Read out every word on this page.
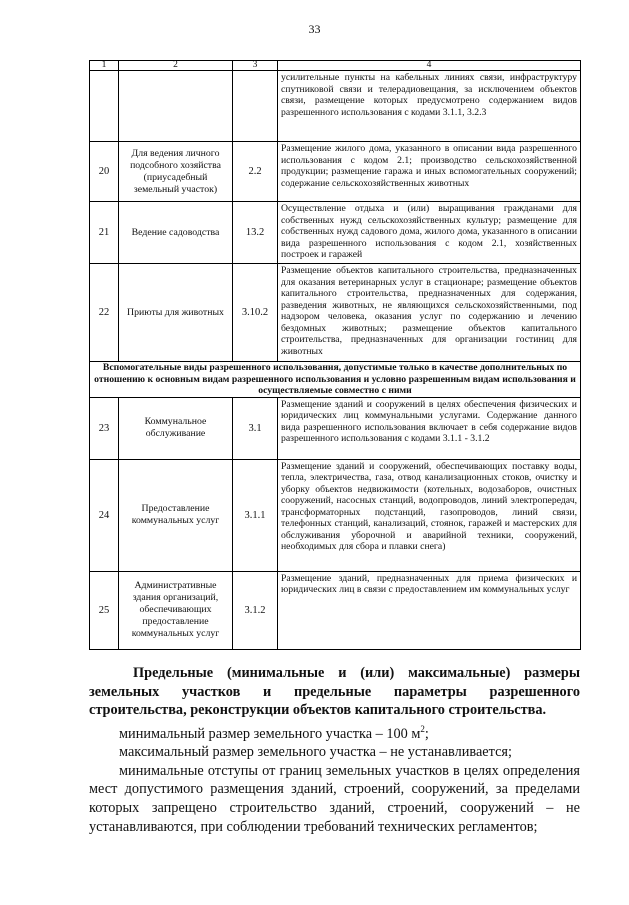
33
1	2	3	4
			усилительные пункты на кабельных линиях связи, инфраструктуру спутниковой связи и телерадиовещания, за исключением объектов связи, размещение которых предусмотрено содержанием видов разрешенного использования с кодами 3.1.1, 3.2.3
20	Для ведения личного подсобного хозяйства (приусадебный земельный участок)	2.2	Размещение жилого дома, указанного в описании вида разрешенного использования с кодом 2.1; производство сельскохозяйственной продукции; размещение гаража и иных вспомогательных сооружений; содержание сельскохозяйственных животных
21	Ведение садоводства	13.2	Осуществление отдыха и (или) выращивания гражданами для собственных нужд сельскохозяйственных культур; размещение для собственных нужд садового дома, жилого дома, указанного в описании вида разрешенного использования с кодом 2.1, хозяйственных построек и гаражей
22	Приюты для животных	3.10.2	Размещение объектов капитального строительства, предназначенных для оказания ветеринарных услуг в стационаре; размещение объектов капитального строительства, предназначенных для содержания, разведения животных, не являющихся сельскохозяйственными, под надзором человека, оказания услуг по содержанию и лечению бездомных животных; размещение объектов капитального строительства, предназначенных для организации гостиниц для животных
Вспомогательные виды разрешенного использования, допустимые только в качестве дополнительных по отношению к основным видам разрешенного использования и условно разрешенным видам использования и осуществляемые совместно с ними			
23	Коммунальное обслуживание	3.1	Размещение зданий и сооружений в целях обеспечения физических и юридических лиц коммунальными услугами. Содержание данного вида разрешенного использования включает в себя содержание видов разрешенного использования с кодами 3.1.1 - 3.1.2
24	Предоставление коммунальных услуг	3.1.1	Размещение зданий и сооружений, обеспечивающих поставку воды, тепла, электричества, газа, отвод канализационных стоков, очистку и уборку объектов недвижимости (котельных, водозаборов, очистных сооружений, насосных станций, водопроводов, линий электропередач, трансформаторных подстанций, газопроводов, линий связи, телефонных станций, канализаций, стоянок, гаражей и мастерских для обслуживания уборочной и аварийной техники, сооружений, необходимых для сбора и плавки снега)
25	Административные здания организаций, обеспечивающих предоставление коммунальных услуг	3.1.2	Размещение зданий, предназначенных для приема физических и юридических лиц в связи с предоставлением им коммунальных услуг

Предельные (минимальные и (или) максимальные) размеры земельных участков и предельные параметры разрешенного строительства, реконструкции объектов капитального строительства.

минимальный размер земельного участка – 100 $м^2$;

максимальный размер земельного участка – не устанавливается;

минимальные отступы от границ земельных участков в целях определения мест допустимого размещения зданий, строений, сооружений, за пределами которых запрещено строительство зданий, строений, сооружений – не устанавливаются, при соблюдении требований технических регламентов;
